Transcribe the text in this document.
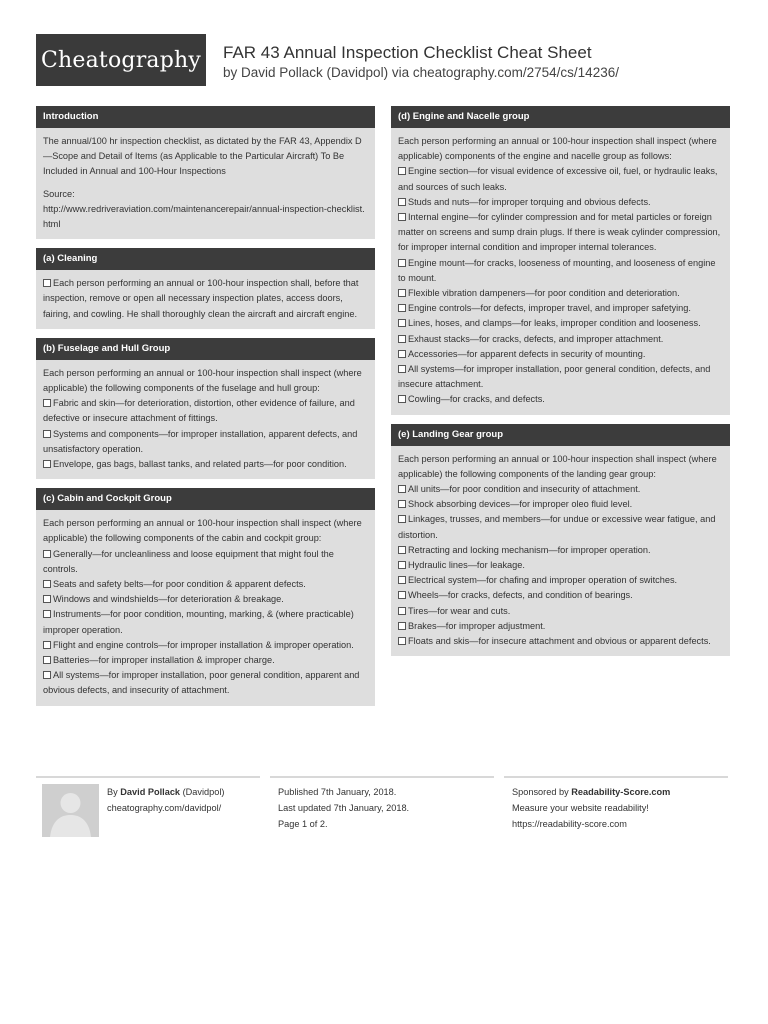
Cheatography FAR 43 Annual Inspection Checklist Cheat Sheet
by David Pollack (Davidpol) via cheatography.com/2754/cs/14236/
Introduction

The annual/100 hr inspection checklist, as dictated by the FAR 43, Appendix D —Scope and Detail of Items (as Applicable to the Particular Aircraft) To Be Included in Annual and 100-Hour Inspections

Source:

http://www.redriveraviation.com/maintenancerepair/annual-inspection-checklist.html

(a) Cleaning

Each person performing an annual or 100-hour inspection shall, before that inspection, remove or open all necessary inspection plates, access doors, fairing, and cowling. He shall thoroughly clean the aircraft and aircraft engine.

(b) Fuselage and Hull Group

Each person performing an annual or 100-hour inspection shall inspect (where applicable) the following components of the fuselage and hull group:

Fabric and skin—for deterioration, distortion, other evidence of failure, and defective or insecure attachment of fittings.

Systems and components—for improper installation, apparent defects, and unsatisfactory operation.

Envelope, gas bags, ballast tanks, and related parts—for poor condition.

(c) Cabin and Cockpit Group

Each person performing an annual or 100-hour inspection shall inspect (where applicable) the following components of the cabin and cockpit group:

Generally—for uncleanliness and loose equipment that might foul the controls.

Seats and safety belts—for poor condition & apparent defects.

Windows and windshields—for deterioration & breakage.

Instruments—for poor condition, mounting, marking, & (where practicable) improper operation.

Flight and engine controls—for improper installation & improper operation.

Batteries—for improper installation & improper charge.

All systems—for improper installation, poor general condition, apparent and obvious defects, and insecurity of attachment.

(d) Engine and Nacelle group

Each person performing an annual or 100-hour inspection shall inspect (where applicable) components of the engine and nacelle group as follows:

Engine section—for visual evidence of excessive oil, fuel, or hydraulic leaks, and sources of such leaks.

Studs and nuts—for improper torquing and obvious defects.

Internal engine—for cylinder compression and for metal particles or foreign matter on screens and sump drain plugs. If there is weak cylinder compression, for improper internal condition and improper internal tolerances.

Engine mount—for cracks, looseness of mounting, and looseness of engine to mount.

Flexible vibration dampeners—for poor condition and deterioration.

Engine controls—for defects, improper travel, and improper safetying.

Lines, hoses, and clamps—for leaks, improper condition and looseness.

Exhaust stacks—for cracks, defects, and improper attachment.

Accessories—for apparent defects in security of mounting.

All systems—for improper installation, poor general condition, defects, and insecure attachment.

Cowling—for cracks, and defects.

(e) Landing Gear group

Each person performing an annual or 100-hour inspection shall inspect (where applicable) the following components of the landing gear group:

All units—for poor condition and insecurity of attachment.

Shock absorbing devices—for improper oleo fluid level.

Linkages, trusses, and members—for undue or excessive wear fatigue, and distortion.

Retracting and locking mechanism—for improper operation.

Hydraulic lines—for leakage.

Electrical system—for chafing and improper operation of switches.

Wheels—for cracks, defects, and condition of bearings.

Tires—for wear and cuts.

Brakes—for improper adjustment.

Floats and skis—for insecure attachment and obvious or apparent defects.

By David Pollack (Davidpol)
cheatography.com/davidpol/
Published 7th January, 2018.
Last updated 7th January, 2018.
Page 1 of 2.
Sponsored by Readability-Score.com
Measure your website readability!
https://readability-score.com
